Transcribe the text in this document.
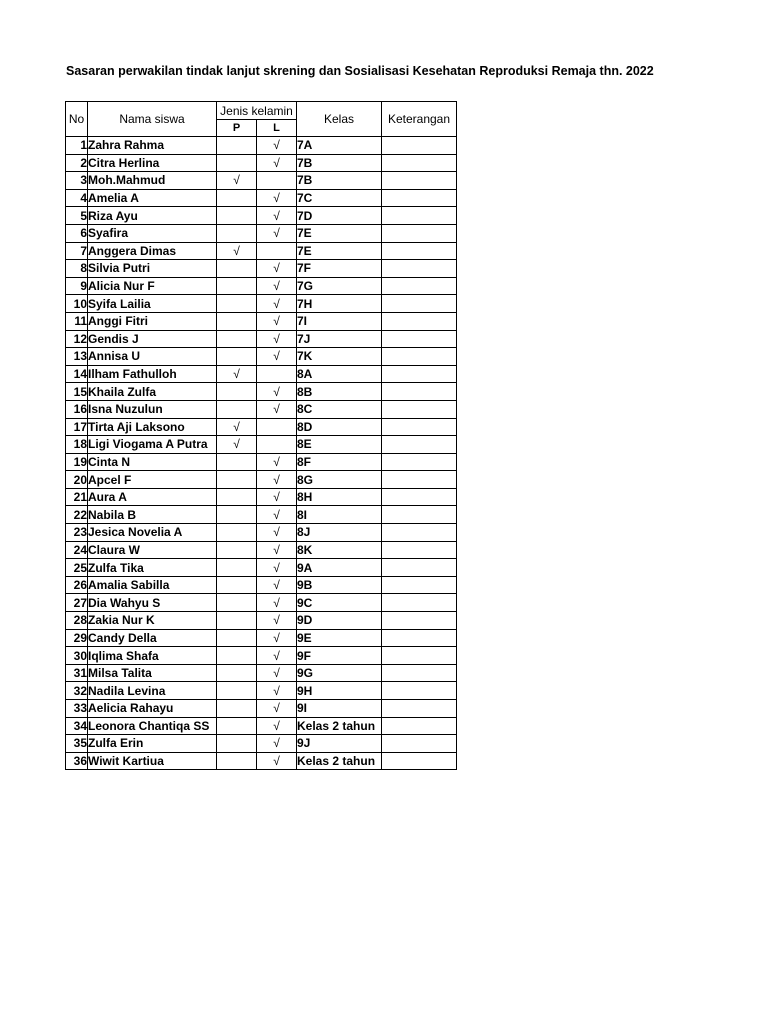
Sasaran perwakilan tindak lanjut skrening dan Sosialisasi Kesehatan Reproduksi Remaja thn. 2022
No	Nama siswa	Jenis kelamin		Kelas	Keterangan
		P	L		
1	Zahra Rahma		√	7A	
2	Citra Herlina		√	7B	
3	Moh.Mahmud	√		7B	
4	Amelia A		√	7C	
5	Riza Ayu		√	7D	
6	Syafira		√	7E	
7	Anggera Dimas	√		7E	
8	Silvia Putri		√	7F	
9	Alicia Nur F		√	7G	
10	Syifa Lailia		√	7H	
11	Anggi Fitri		√	7I	
12	Gendis J		√	7J	
13	Annisa U		√	7K	
14	Ilham Fathulloh	√		8A	
15	Khaila Zulfa		√	8B	
16	Isna Nuzulun		√	8C	
17	Tirta Aji Laksono	√		8D	
18	Ligi Viogama A Putra	√		8E	
19	Cinta N		√	8F	
20	Apcel F		√	8G	
21	Aura A		√	8H	
22	Nabila B		√	8I	
23	Jesica Novelia A		√	8J	
24	Claura W		√	8K	
25	Zulfa Tika		√	9A	
26	Amalia Sabilla		√	9B	
27	Dia Wahyu S		√	9C	
28	Zakia Nur K		√	9D	
29	Candy Della		√	9E	
30	Iqlima Shafa		√	9F	
31	Milsa Talita		√	9G	
32	Nadila Levina		√	9H	
33	Aelicia Rahayu		√	9I	
34	Leonora Chantiqa SS		√	Kelas 2 tahun	
35	Zulfa Erin		√	9J	
36	Wiwit Kartiua		√	Kelas 2 tahun	
